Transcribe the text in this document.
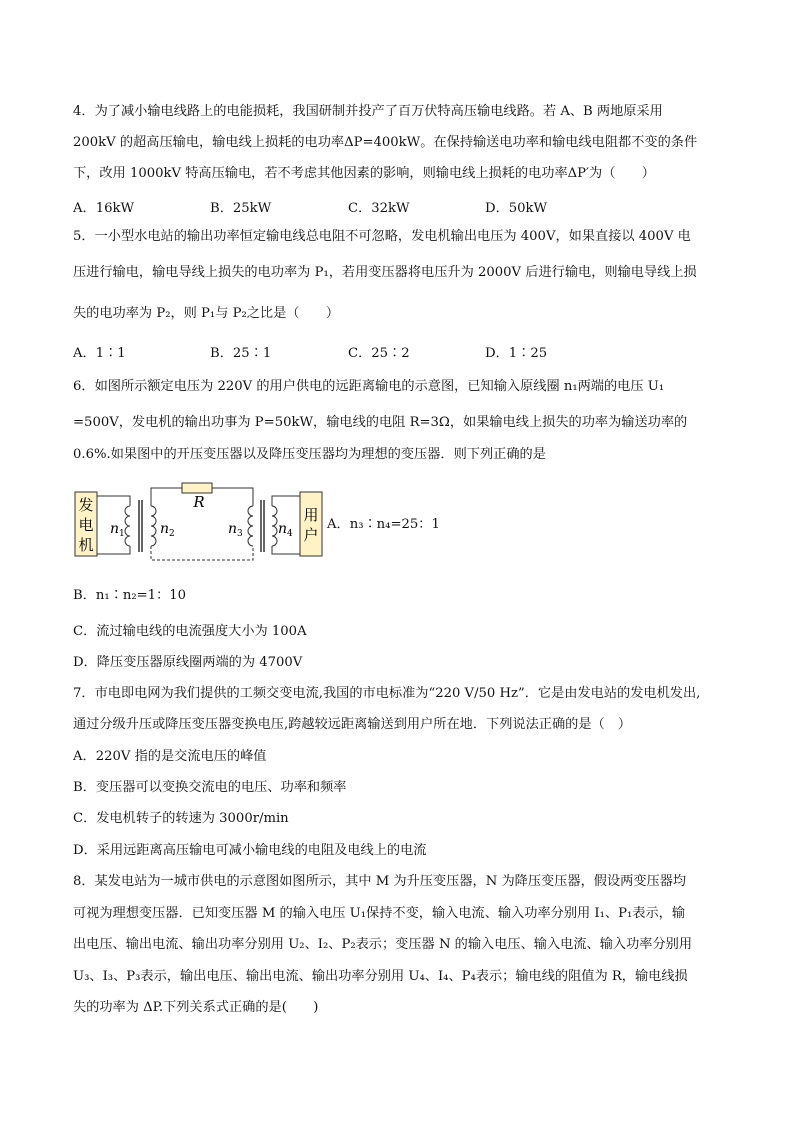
4．为了减小输电线路上的电能损耗，我国研制并投产了百万伏特高压输电线路。若 A、B 两地原采用
200kV 的超高压输电，输电线上损耗的电功率ΔP=400kW。在保持输送电功率和输电线电阻都不变的条件
下，改用 1000kV 特高压输电，若不考虑其他因素的影响，则输电线上损耗的电功率ΔP′为（　　）
A．16kW	B．25kW	C．32kW	D．50kW
5．一小型水电站的输出功率恒定输电线总电阻不可忽略，发电机输出电压为 400V，如果直接以 400V 电
压进行输电，输电导线上损失的电功率为 P₁，若用变压器将电压升为 2000V 后进行输电，则输电导线上损
失的电功率为 P₂，则 P₁与 P₂之比是（　　）
A．1∶1	B．25∶1	C．25∶2	D．1∶25
6．如图所示额定电压为 220V 的用户供电的远距离输电的示意图，已知输入原线圈 n₁两端的电压 U₁
=500V，发电机的输出功事为 P=50kW，输电线的电阻 R=3Ω，如果输电线上损失的功率为输送功率的
0.6%.如果图中的开压变压器以及降压变压器均为理想的变压器．则下列正确的是
发
电
机
R
用
户
$n_1$	$n_2$	$n_3$	$n_4$
A．n₃∶n₄=25：1
B．n₁∶n₂=1：10
C．流过输电线的电流强度大小为 100A
D．降压变压器原线圈两端的为 4700V
7．市电即电网为我们提供的工频交变电流,我国的市电标准为“220 V/50 Hz”．它是由发电站的发电机发出,
通过分级升压或降压变压器变换电压,跨越较远距离输送到用户所在地．下列说法正确的是（　）
A．220V 指的是交流电压的峰值
B．变压器可以变换交流电的电压、功率和频率
C．发电机转子的转速为 3000r/min
D．采用远距离高压输电可减小输电线的电阻及电线上的电流
8．某发电站为一城市供电的示意图如图所示，其中 M 为升压变压器，N 为降压变压器，假设两变压器均
可视为理想变压器．已知变压器 M 的输入电压 U₁保持不变，输入电流、输入功率分别用 I₁、P₁表示，输
出电压、输出电流、输出功率分别用 U₂、I₂、P₂表示；变压器 N 的输入电压、输入电流、输入功率分别用
U₃、I₃、P₃表示，输出电压、输出电流、输出功率分别用 U₄、I₄、P₄表示；输电线的阻值为 R，输电线损
失的功率为 ΔP.下列关系式正确的是(　　)
